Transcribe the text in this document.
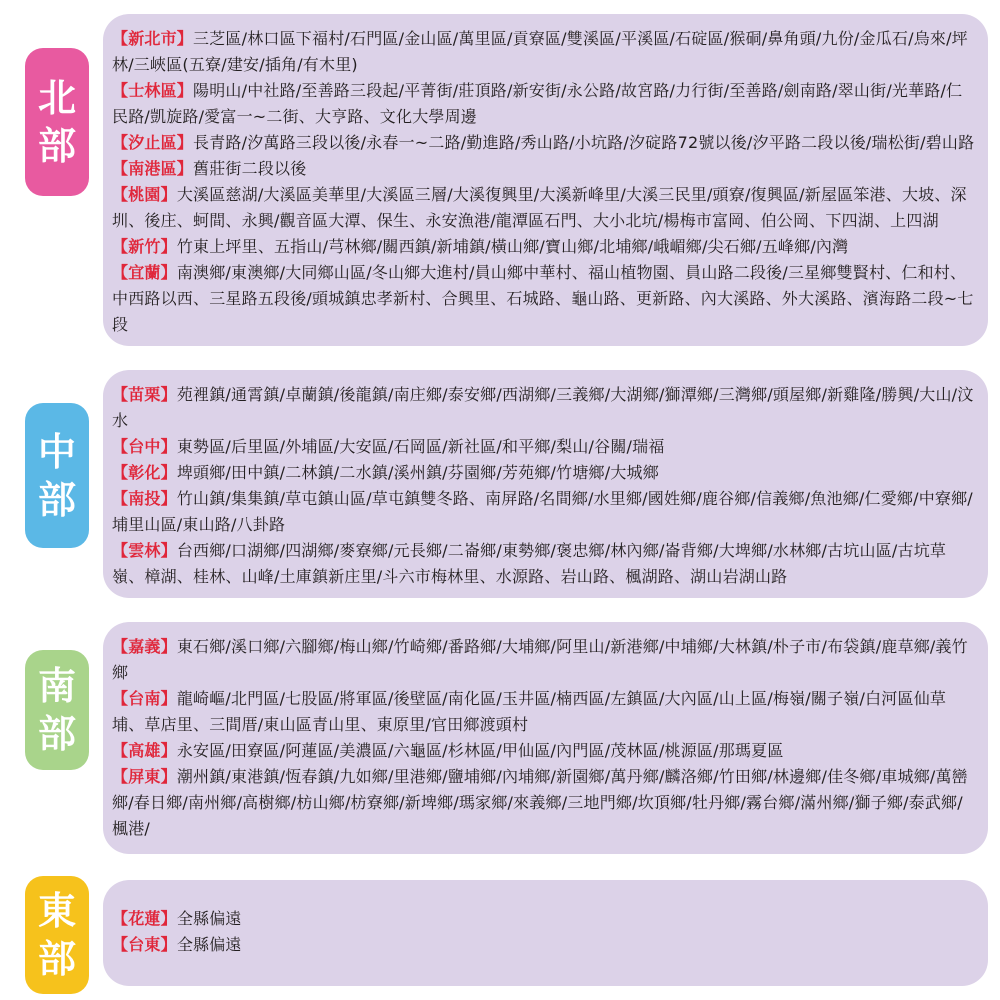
北
部
【新北市】三芝區/林口區下福村/石門區/金山區/萬里區/貢寮區/雙溪區/平溪區/石碇區/猴硐/鼻角頭/九份/金瓜石/烏來/坪林/三峽區(五寮/建安/插角/有木里)
【士林區】陽明山/中社路/至善路三段起/平菁街/莊頂路/新安街/永公路/故宮路/力行街/至善路/劍南路/翠山街/光華路/仁民路/凱旋路/愛富一~二街、大亨路、文化大學周邊
【汐止區】長青路/汐萬路三段以後/永春一~二路/勤進路/秀山路/小坑路/汐碇路72號以後/汐平路二段以後/瑞松街/碧山路
【南港區】舊莊街二段以後
【桃園】大溪區慈湖/大溪區美華里/大溪區三層/大溪復興里/大溪新峰里/大溪三民里/頭寮/復興區/新屋區笨港、大坡、深圳、後庄、蚵間、永興/觀音區大潭、保生、永安漁港/龍潭區石門、大小北坑/楊梅市富岡、伯公岡、下四湖、上四湖
【新竹】竹東上坪里、五指山/芎林鄉/關西鎮/新埔鎮/橫山鄉/寶山鄉/北埔鄉/峨嵋鄉/尖石鄉/五峰鄉/內灣
【宜蘭】南澳鄉/東澳鄉/大同鄉山區/冬山鄉大進村/員山鄉中華村、福山植物園、員山路二段後/三星鄉雙賢村、仁和村、中西路以西、三星路五段後/頭城鎮忠孝新村、合興里、石城路、龜山路、更新路、內大溪路、外大溪路、濱海路二段~七段
中
部
【苗栗】苑裡鎮/通霄鎮/卓蘭鎮/後龍鎮/南庄鄉/泰安鄉/西湖鄉/三義鄉/大湖鄉/獅潭鄉/三灣鄉/頭屋鄉/新雞隆/勝興/大山/汶水
【台中】東勢區/后里區/外埔區/大安區/石岡區/新社區/和平鄉/梨山/谷關/瑞福
【彰化】埤頭鄉/田中鎮/二林鎮/二水鎮/溪州鎮/芬園鄉/芳苑鄉/竹塘鄉/大城鄉
【南投】竹山鎮/集集鎮/草屯鎮山區/草屯鎮雙冬路、南屏路/名間鄉/水里鄉/國姓鄉/鹿谷鄉/信義鄉/魚池鄉/仁愛鄉/中寮鄉/埔里山區/東山路/八卦路
【雲林】台西鄉/口湖鄉/四湖鄉/麥寮鄉/元長鄉/二崙鄉/東勢鄉/褒忠鄉/林內鄉/崙背鄉/大埤鄉/水林鄉/古坑山區/古坑草嶺、樟湖、桂林、山峰/土庫鎮新庄里/斗六市梅林里、水源路、岩山路、楓湖路、湖山岩湖山路
南
部
【嘉義】東石鄉/溪口鄉/六腳鄉/梅山鄉/竹崎鄉/番路鄉/大埔鄉/阿里山/新港鄉/中埔鄉/大林鎮/朴子市/布袋鎮/鹿草鄉/義竹鄉
【台南】龍崎嶇/北門區/七股區/將軍區/後壁區/南化區/玉井區/楠西區/左鎮區/大內區/山上區/梅嶺/關子嶺/白河區仙草埔、草店里、三間厝/東山區青山里、東原里/官田鄉渡頭村
【高雄】永安區/田寮區/阿蓮區/美濃區/六龜區/杉林區/甲仙區/內門區/茂林區/桃源區/那瑪夏區
【屏東】潮州鎮/東港鎮/恆春鎮/九如鄉/里港鄉/鹽埔鄉/內埔鄉/新園鄉/萬丹鄉/麟洛鄉/竹田鄉/林邊鄉/佳冬鄉/車城鄉/萬巒鄉/春日鄉/南州鄉/高樹鄉/枋山鄉/枋寮鄉/新埤鄉/瑪家鄉/來義鄉/三地門鄉/坎頂鄉/牡丹鄉/霧台鄉/滿州鄉/獅子鄉/泰武鄉/楓港/
東
部
【花蓮】全縣偏遠
【台東】全縣偏遠
